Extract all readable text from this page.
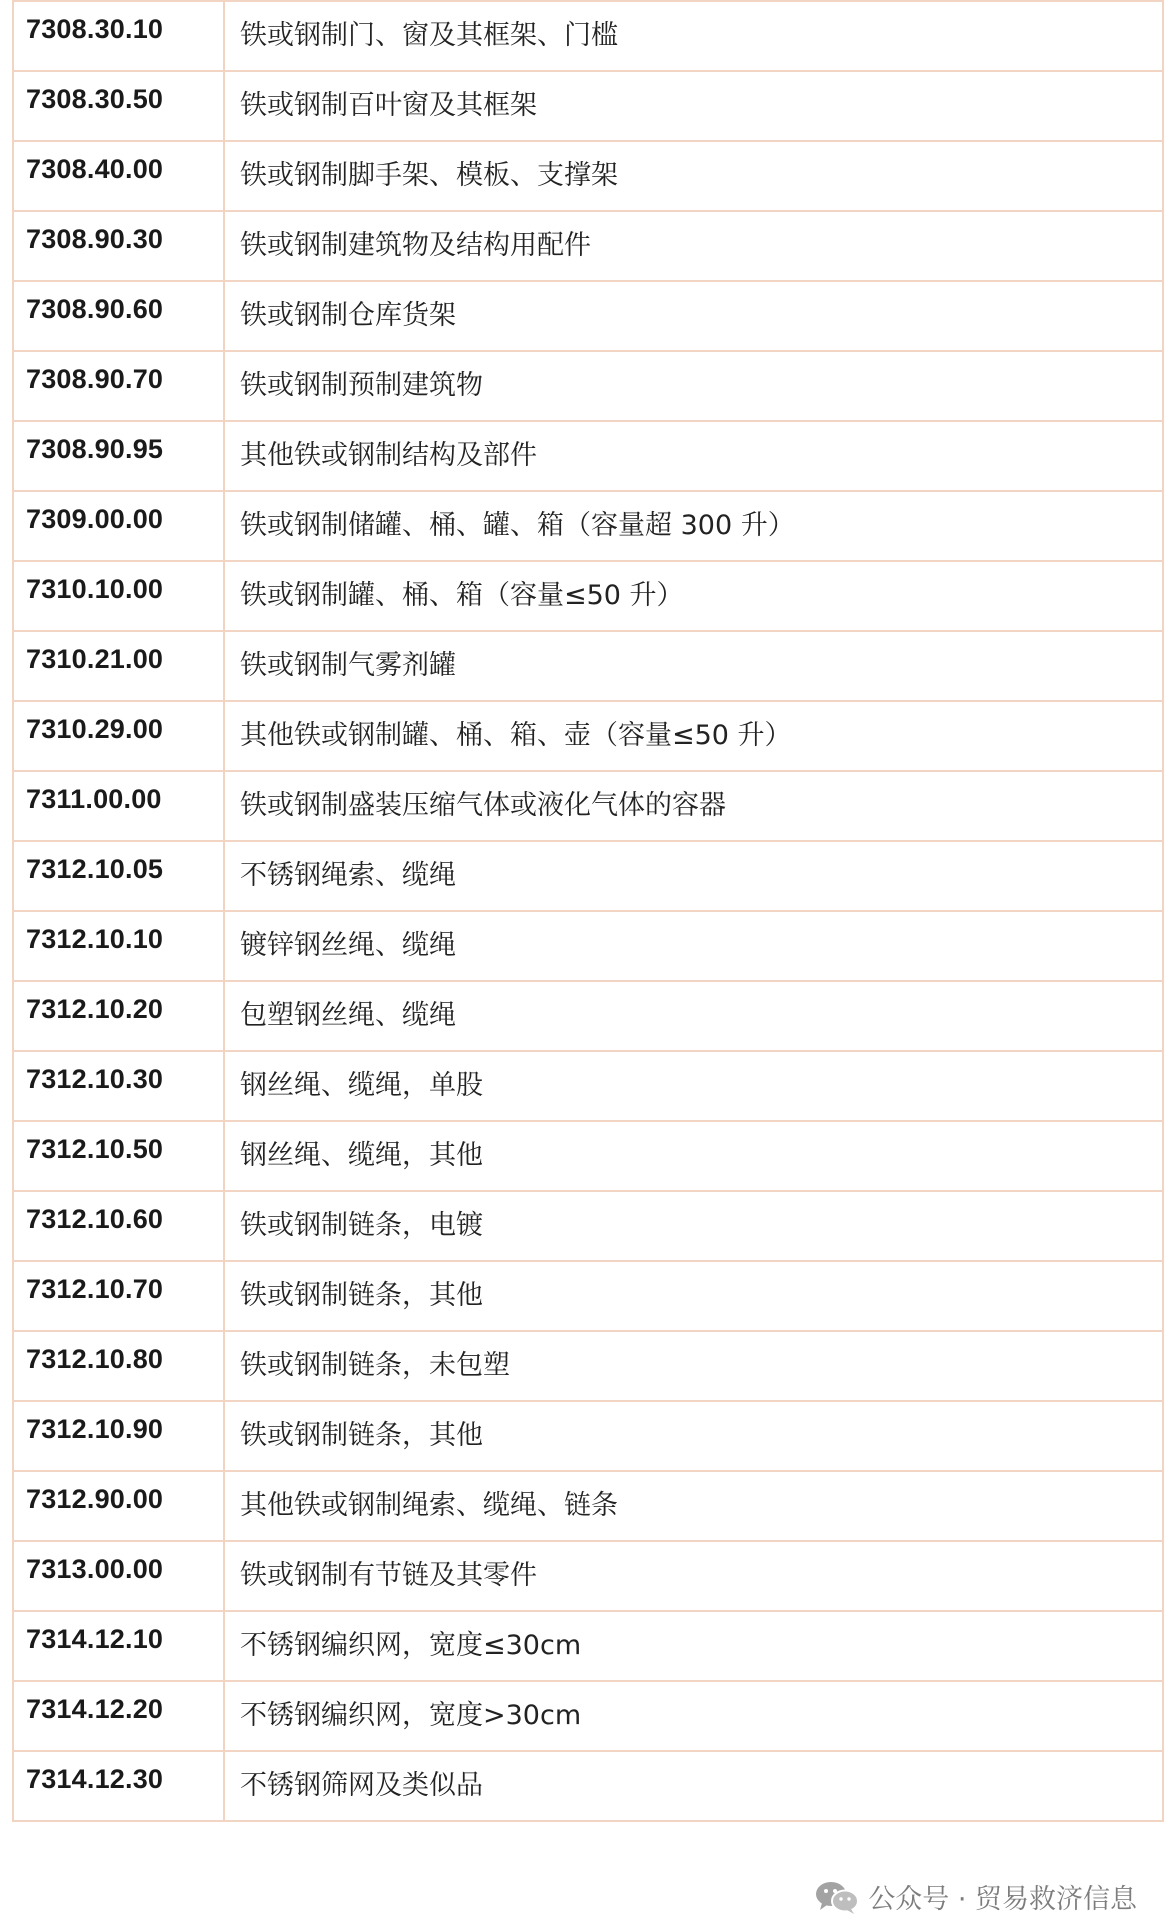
7308.30.10	铁或钢制门、窗及其框架、门槛
7308.30.50	铁或钢制百叶窗及其框架
7308.40.00	铁或钢制脚手架、模板、支撑架
7308.90.30	铁或钢制建筑物及结构用配件
7308.90.60	铁或钢制仓库货架
7308.90.70	铁或钢制预制建筑物
7308.90.95	其他铁或钢制结构及部件
7309.00.00	铁或钢制储罐、桶、罐、箱（容量超 300 升）
7310.10.00	铁或钢制罐、桶、箱（容量≤50 升）
7310.21.00	铁或钢制气雾剂罐
7310.29.00	其他铁或钢制罐、桶、箱、壶（容量≤50 升）
7311.00.00	铁或钢制盛装压缩气体或液化气体的容器
7312.10.05	不锈钢绳索、缆绳
7312.10.10	镀锌钢丝绳、缆绳
7312.10.20	包塑钢丝绳、缆绳
7312.10.30	钢丝绳、缆绳，单股
7312.10.50	钢丝绳、缆绳，其他
7312.10.60	铁或钢制链条，电镀
7312.10.70	铁或钢制链条，其他
7312.10.80	铁或钢制链条，未包塑
7312.10.90	铁或钢制链条，其他
7312.90.00	其他铁或钢制绳索、缆绳、链条
7313.00.00	铁或钢制有节链及其零件
7314.12.10	不锈钢编织网，宽度≤30cm
7314.12.20	不锈钢编织网，宽度>30cm
7314.12.30	不锈钢筛网及类似品
公众号 · 贸易救济信息
